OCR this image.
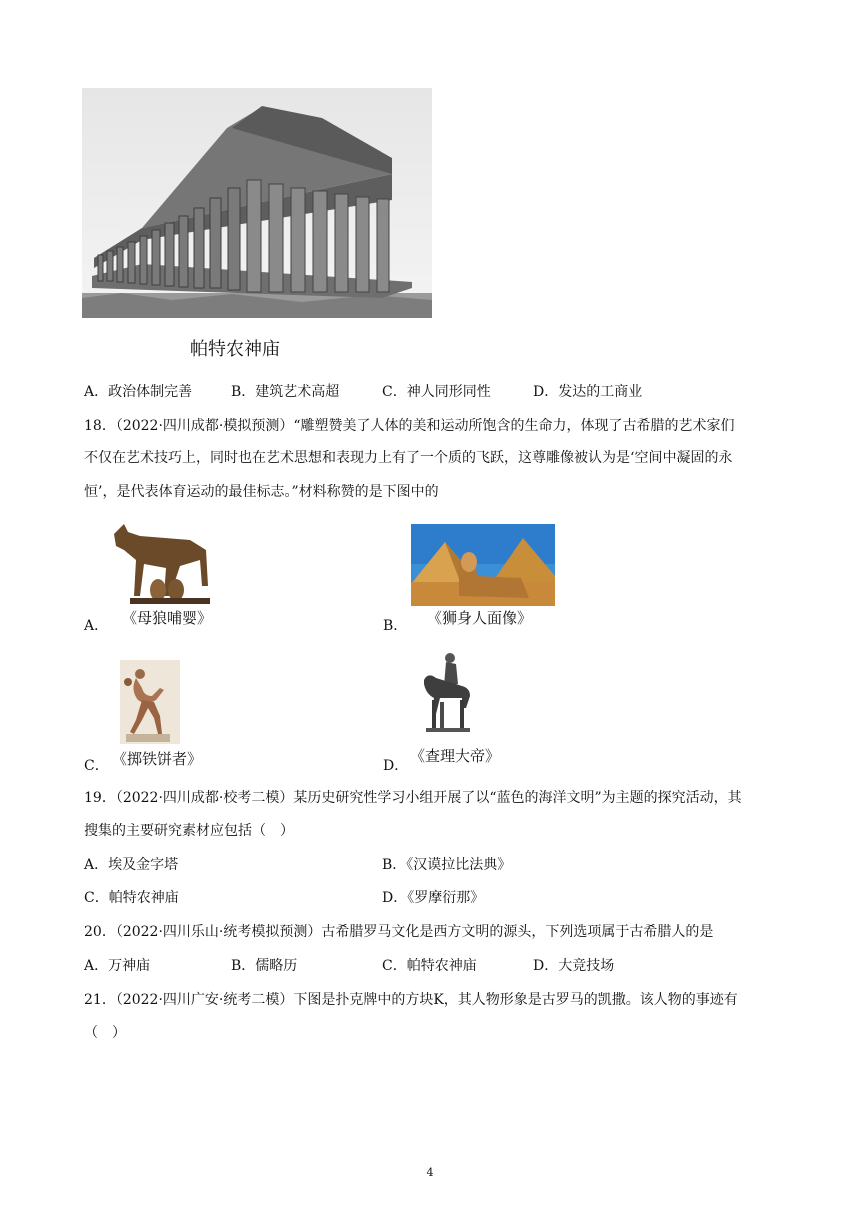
帕特农神庙
A．政治体制完善	B．建筑艺术高超	C．神人同形同性	D．发达的工商业
18．（2022·四川成都·模拟预测）“雕塑赞美了人体的美和运动所饱含的生命力，体现了古希腊的艺术家们
不仅在艺术技巧上，同时也在艺术思想和表现力上有了一个质的飞跃，这尊雕像被认为是‘空间中凝固的永
恒’，是代表体育运动的最佳标志。”材料称赞的是下图中的
A． 《母狼哺婴》	B． 《狮身人面像》
C． 《掷铁饼者》	D．
《查理大帝》
19．（2022·四川成都·校考二模）某历史研究性学习小组开展了以“蓝色的海洋文明”为主题的探究活动，其
搜集的主要研究素材应包括（　）
A．埃及金字塔	B．《汉谟拉比法典》
C．帕特农神庙	D．《罗摩衍那》
20．（2022·四川乐山·统考模拟预测）古希腊罗马文化是西方文明的源头，下列选项属于古希腊人的是
A．万神庙	B．儒略历	C．帕特农神庙	D．大竞技场
21．（2022·四川广安·统考二模）下图是扑克牌中的方块K，其人物形象是古罗马的凯撒。该人物的事迹有
（　）
4
